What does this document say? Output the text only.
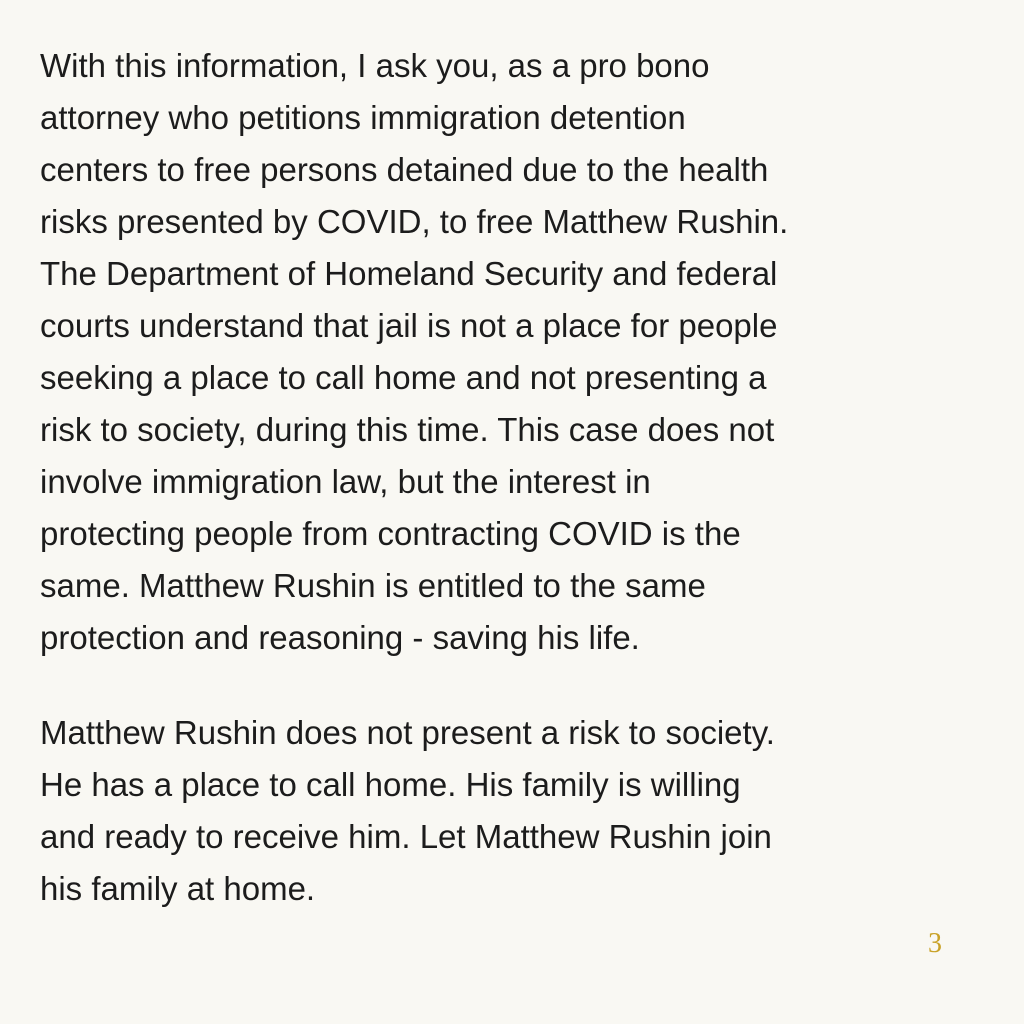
With this information, I ask you, as a pro bono
attorney who petitions immigration detention
centers to free persons detained due to the health
risks presented by COVID, to free Matthew Rushin.
The Department of Homeland Security and federal
courts understand that jail is not a place for people
seeking a place to call home and not presenting a
risk to society, during this time. This case does not
involve immigration law, but the interest in
protecting people from contracting COVID is the
same. Matthew Rushin is entitled to the same
protection and reasoning - saving his life.
Matthew Rushin does not present a risk to society.
He has a place to call home. His family is willing
and ready to receive him. Let Matthew Rushin join
his family at home.
3
